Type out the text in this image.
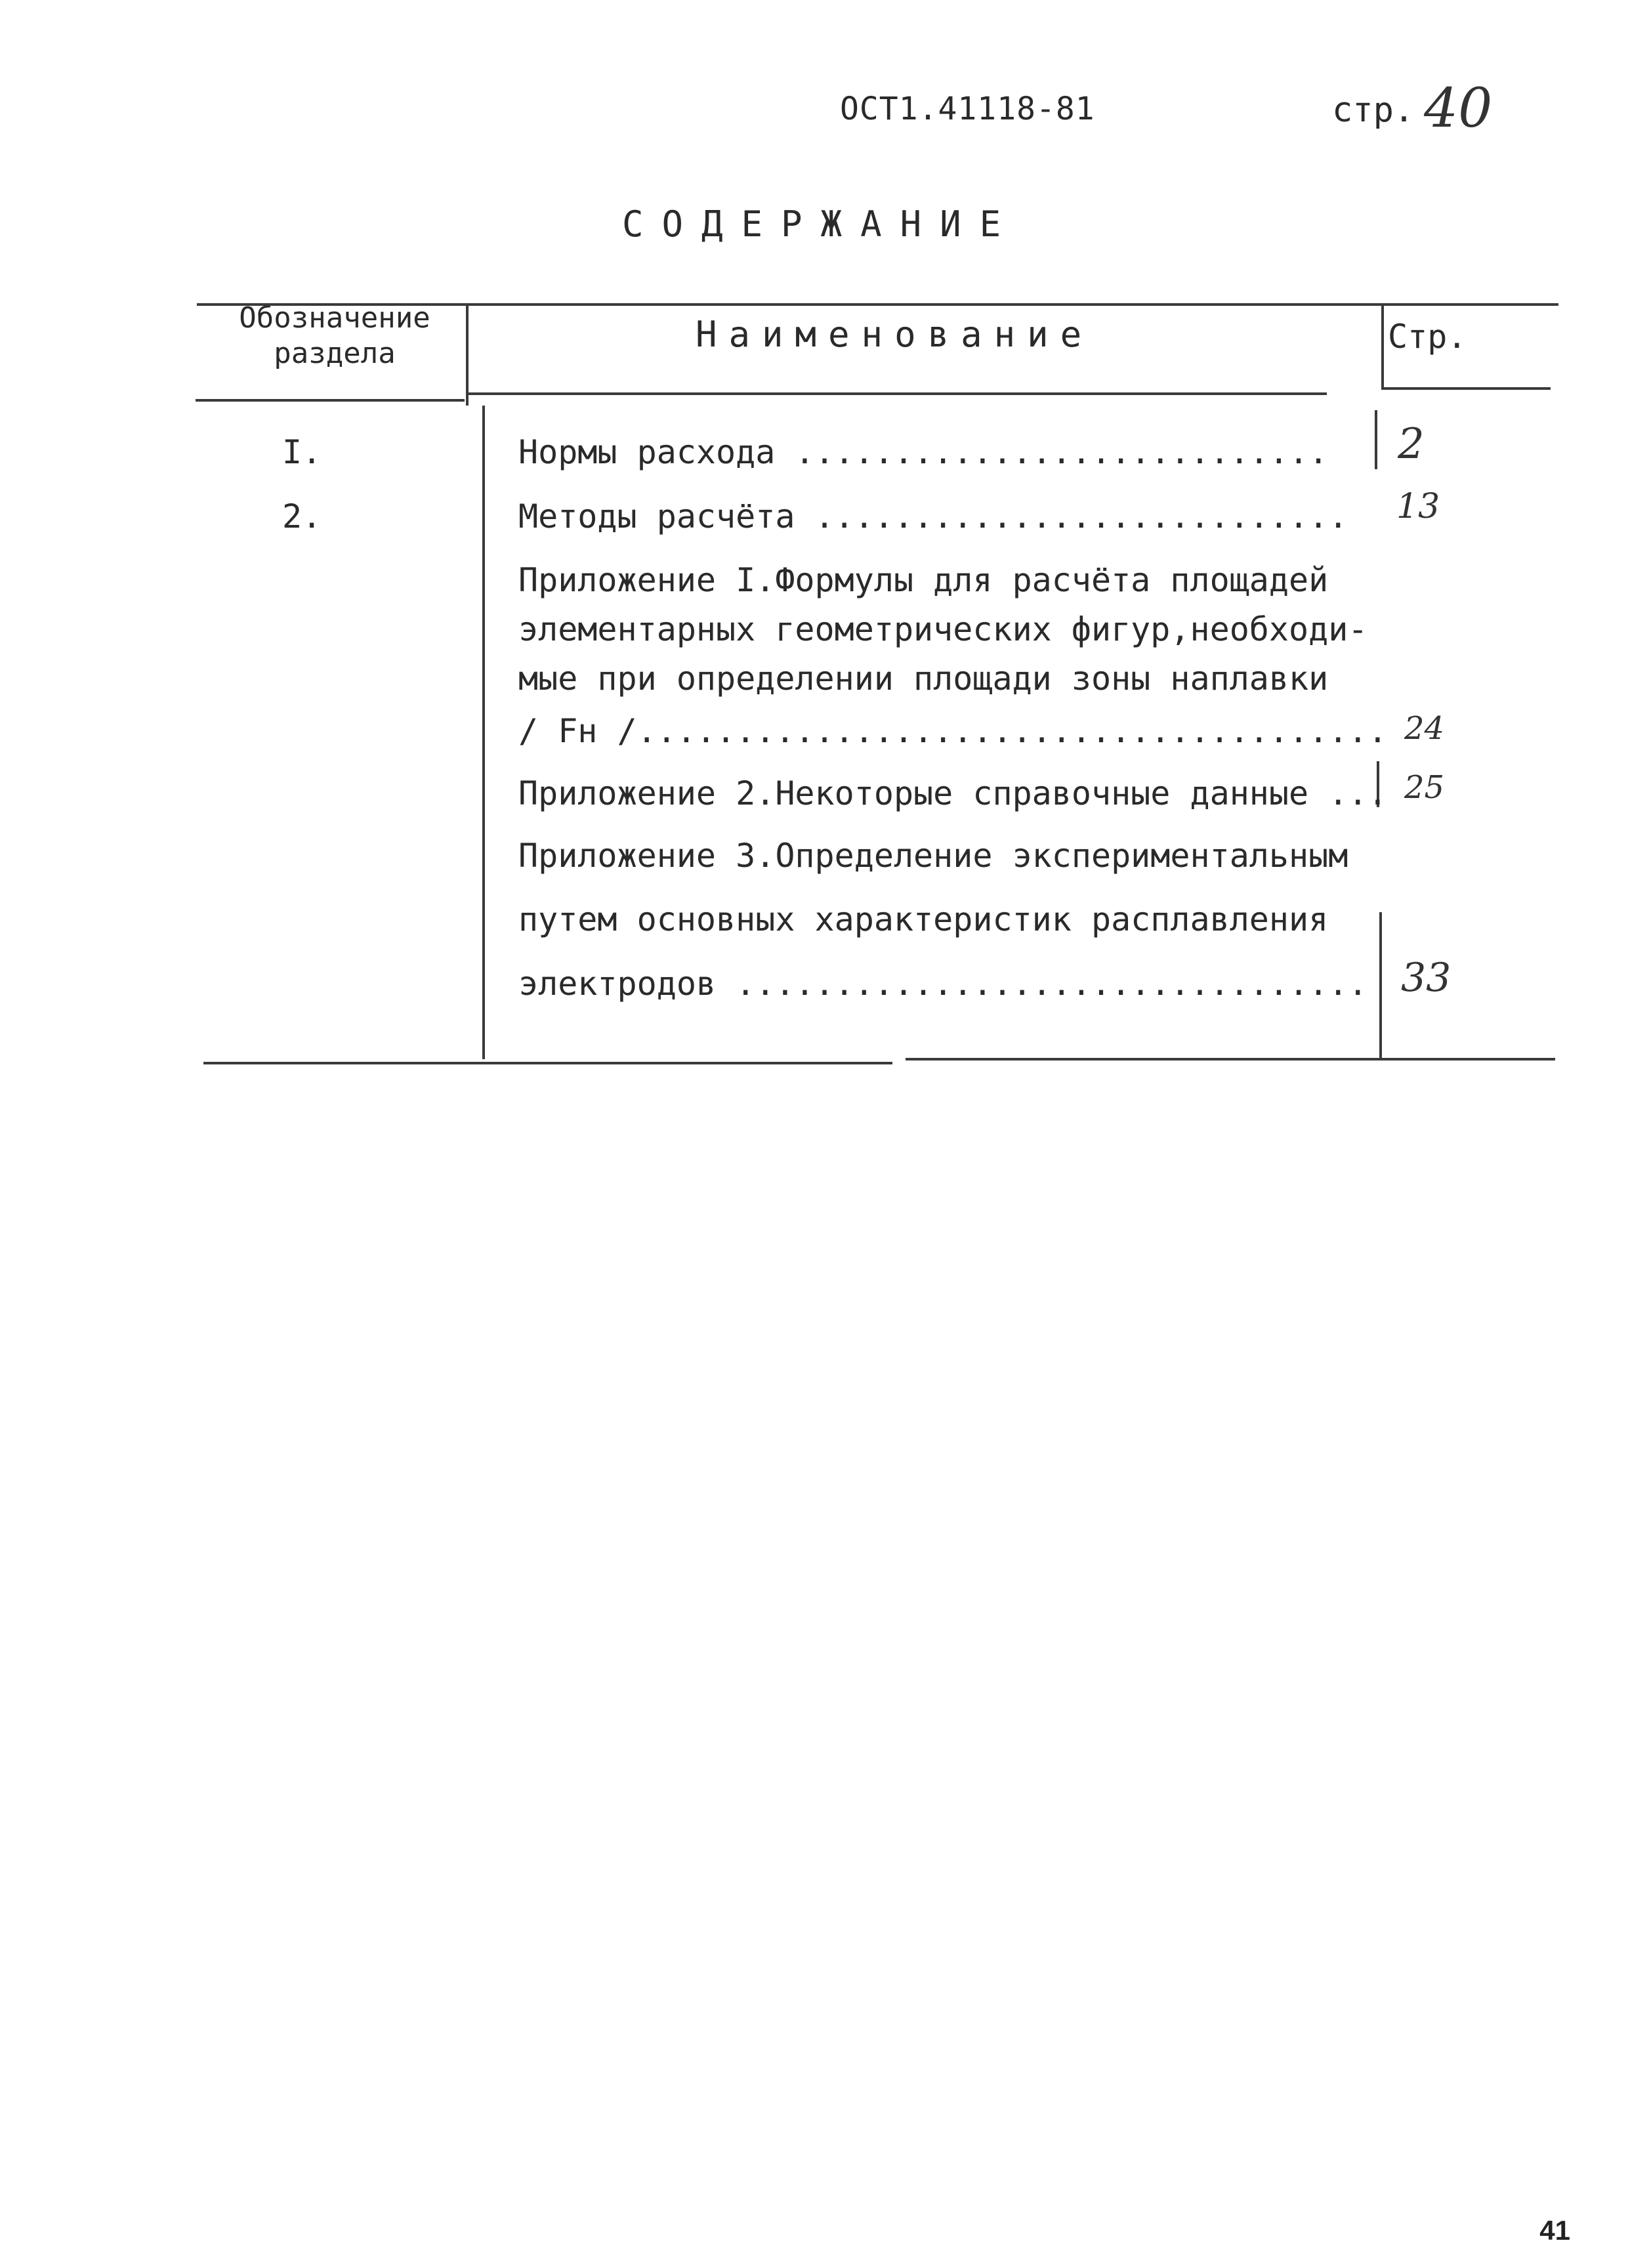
ОСТ1.41118-81	стр. 40
СОДЕРЖАНИЕ
Обозначение раздела	Наименование	Стр.
I.	Нормы расхода ........................... 2
2.	Методы расчёта ........................... 13
Приложение I.Формулы для расчёта площадей
элементарных геометрических фигур,необходи-
мые при определении площади зоны наплавки
/ Fн /...................................... 24
Приложение 2.Некоторые справочные данные ... 25
Приложение 3.Определение экспериментальным
путем основных характеристик расплавления
электродов ................................ 33
41
